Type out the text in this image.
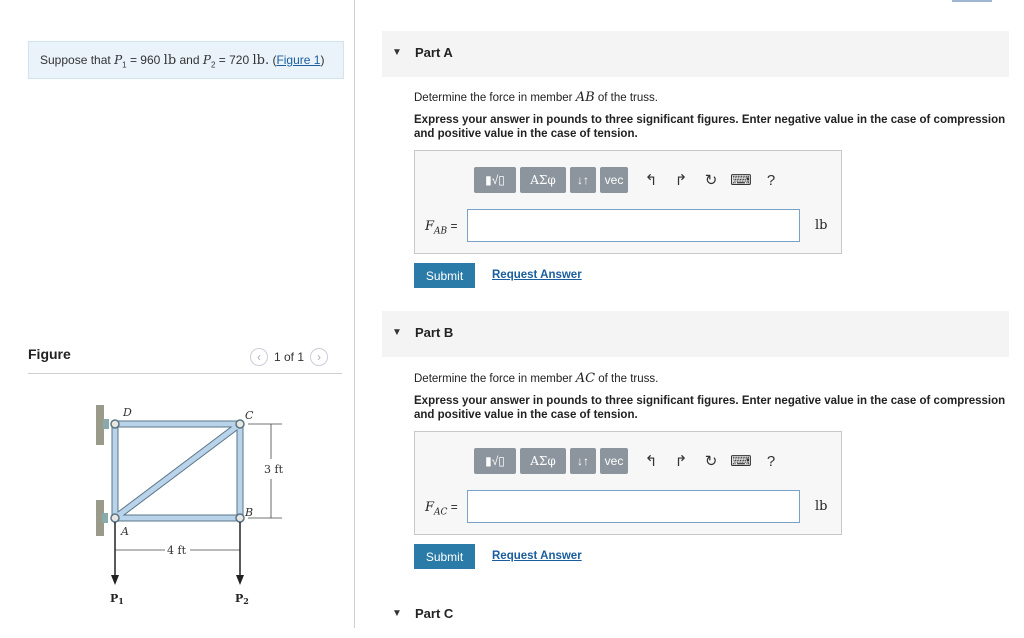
Suppose that $P_1 = 960$ lb and $P_2 = 720$ lb. (Figure 1)
Figure	‹	1 of 1	›
D	C
A
B
3 ft
4 ft
P1	P2
▼ Part A
Determine the force in member AB of the truss.
Express your answer in pounds to three significant figures. Enter negative value in the case of compression and positive value in the case of tension.
▮√▯	ΑΣφ	↓↑	vec	↰	↱	↻ ⌨	?
$F_{AB}$ =	lb
Submit	Request Answer
▼ Part B
Determine the force in member AC of the truss.
Express your answer in pounds to three significant figures. Enter negative value in the case of compression and positive value in the case of tension.
▮√▯	ΑΣφ	↓↑	vec	↰	↱	↻ ⌨	?
$F_{AC}$ =	lb
Submit	Request Answer
▼ Part C
